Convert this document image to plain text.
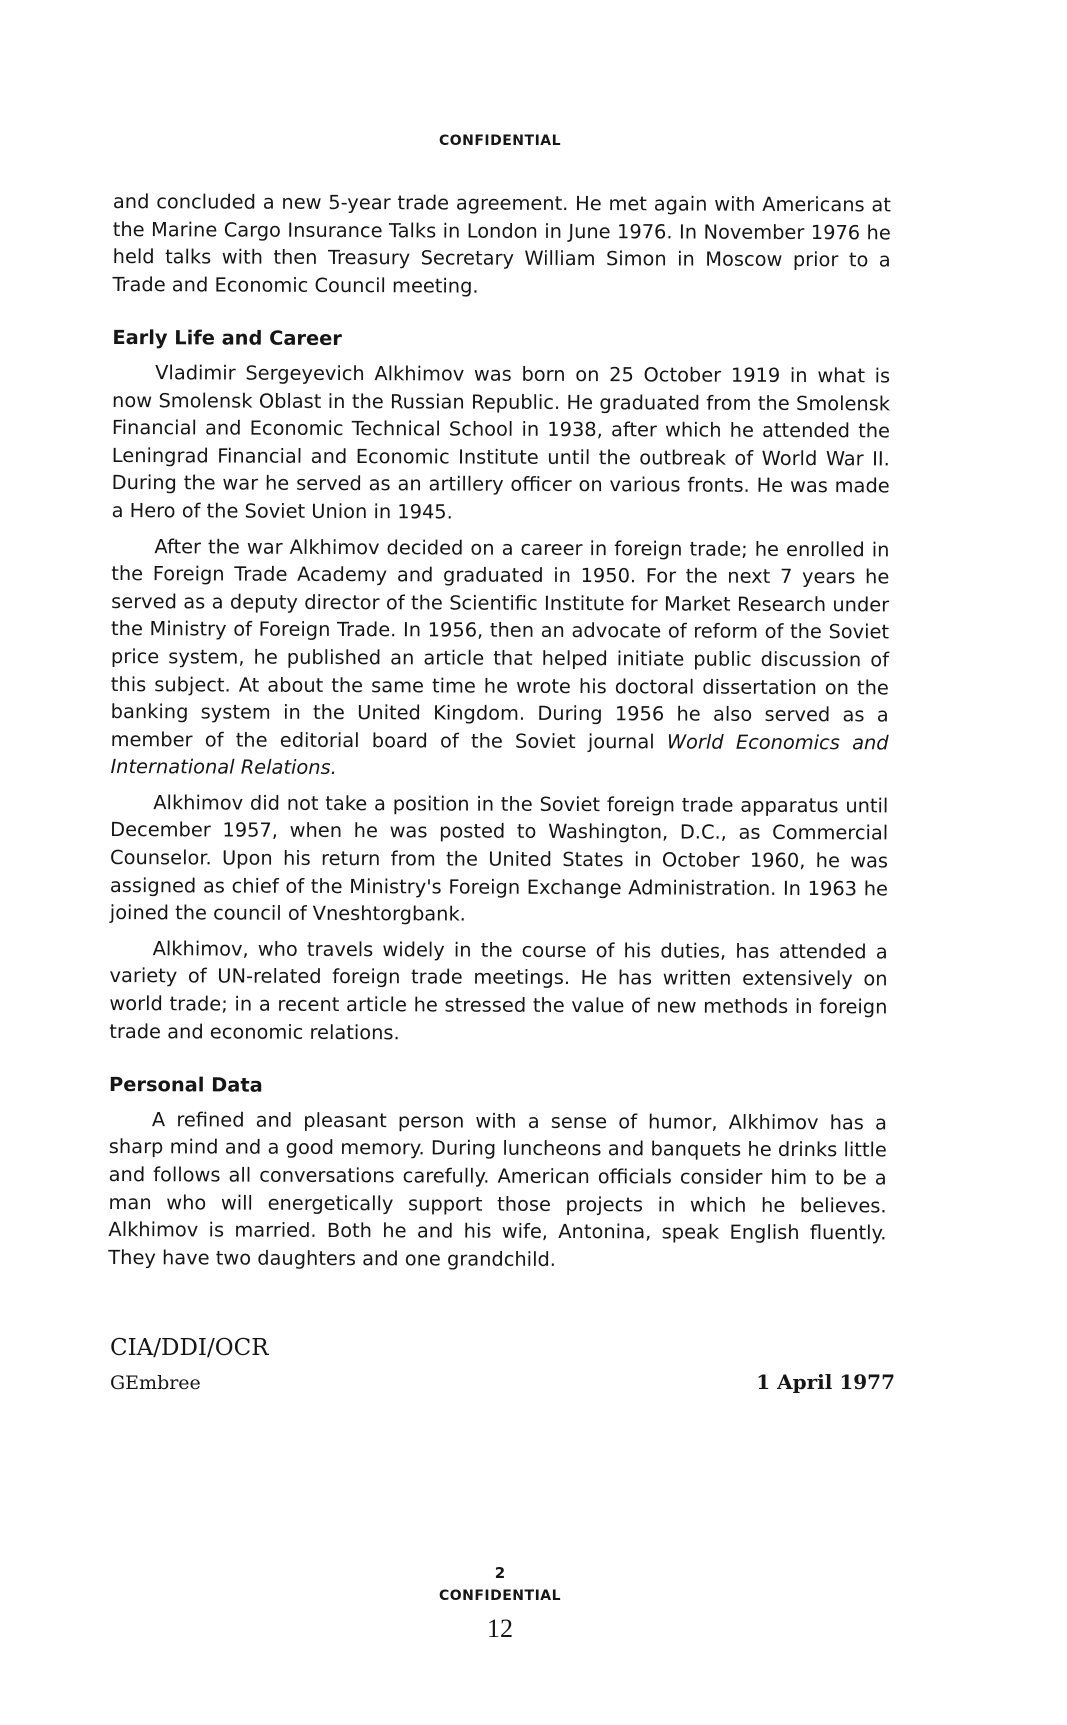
CONFIDENTIAL

and concluded a new 5-year trade agreement. He met again with Americans at the Marine Cargo Insurance Talks in London in June 1976. In November 1976 he held talks with then Treasury Secretary William Simon in Moscow prior to a Trade and Economic Council meeting.

Early Life and Career

Vladimir Sergeyevich Alkhimov was born on 25 October 1919 in what is now Smolensk Oblast in the Russian Republic. He graduated from the Smolensk Financial and Economic Technical School in 1938, after which he attended the Leningrad Financial and Economic Institute until the outbreak of World War II. During the war he served as an artillery officer on various fronts. He was made a Hero of the Soviet Union in 1945.

After the war Alkhimov decided on a career in foreign trade; he enrolled in the Foreign Trade Academy and graduated in 1950. For the next 7 years he served as a deputy director of the Scientific Institute for Market Research under the Ministry of Foreign Trade. In 1956, then an advocate of reform of the Soviet price system, he published an article that helped initiate public discussion of this subject. At about the same time he wrote his doctoral dissertation on the banking system in the United Kingdom. During 1956 he also served as a member of the editorial board of the Soviet journal World Economics and International Relations.

Alkhimov did not take a position in the Soviet foreign trade apparatus until December 1957, when he was posted to Washington, D.C., as Commercial Counselor. Upon his return from the United States in October 1960, he was assigned as chief of the Ministry's Foreign Exchange Administration. In 1963 he joined the council of Vneshtorgbank.

Alkhimov, who travels widely in the course of his duties, has attended a variety of UN-related foreign trade meetings. He has written extensively on world trade; in a recent article he stressed the value of new methods in foreign trade and economic relations.

Personal Data

A refined and pleasant person with a sense of humor, Alkhimov has a sharp mind and a good memory. During luncheons and banquets he drinks little and follows all conversations carefully. American officials consider him to be a man who will energetically support those projects in which he believes. Alkhimov is married. Both he and his wife, Antonina, speak English fluently. They have two daughters and one grandchild.

CIA/DDI/OCR
GEmbree	1 April 1977
2
CONFIDENTIAL
12
